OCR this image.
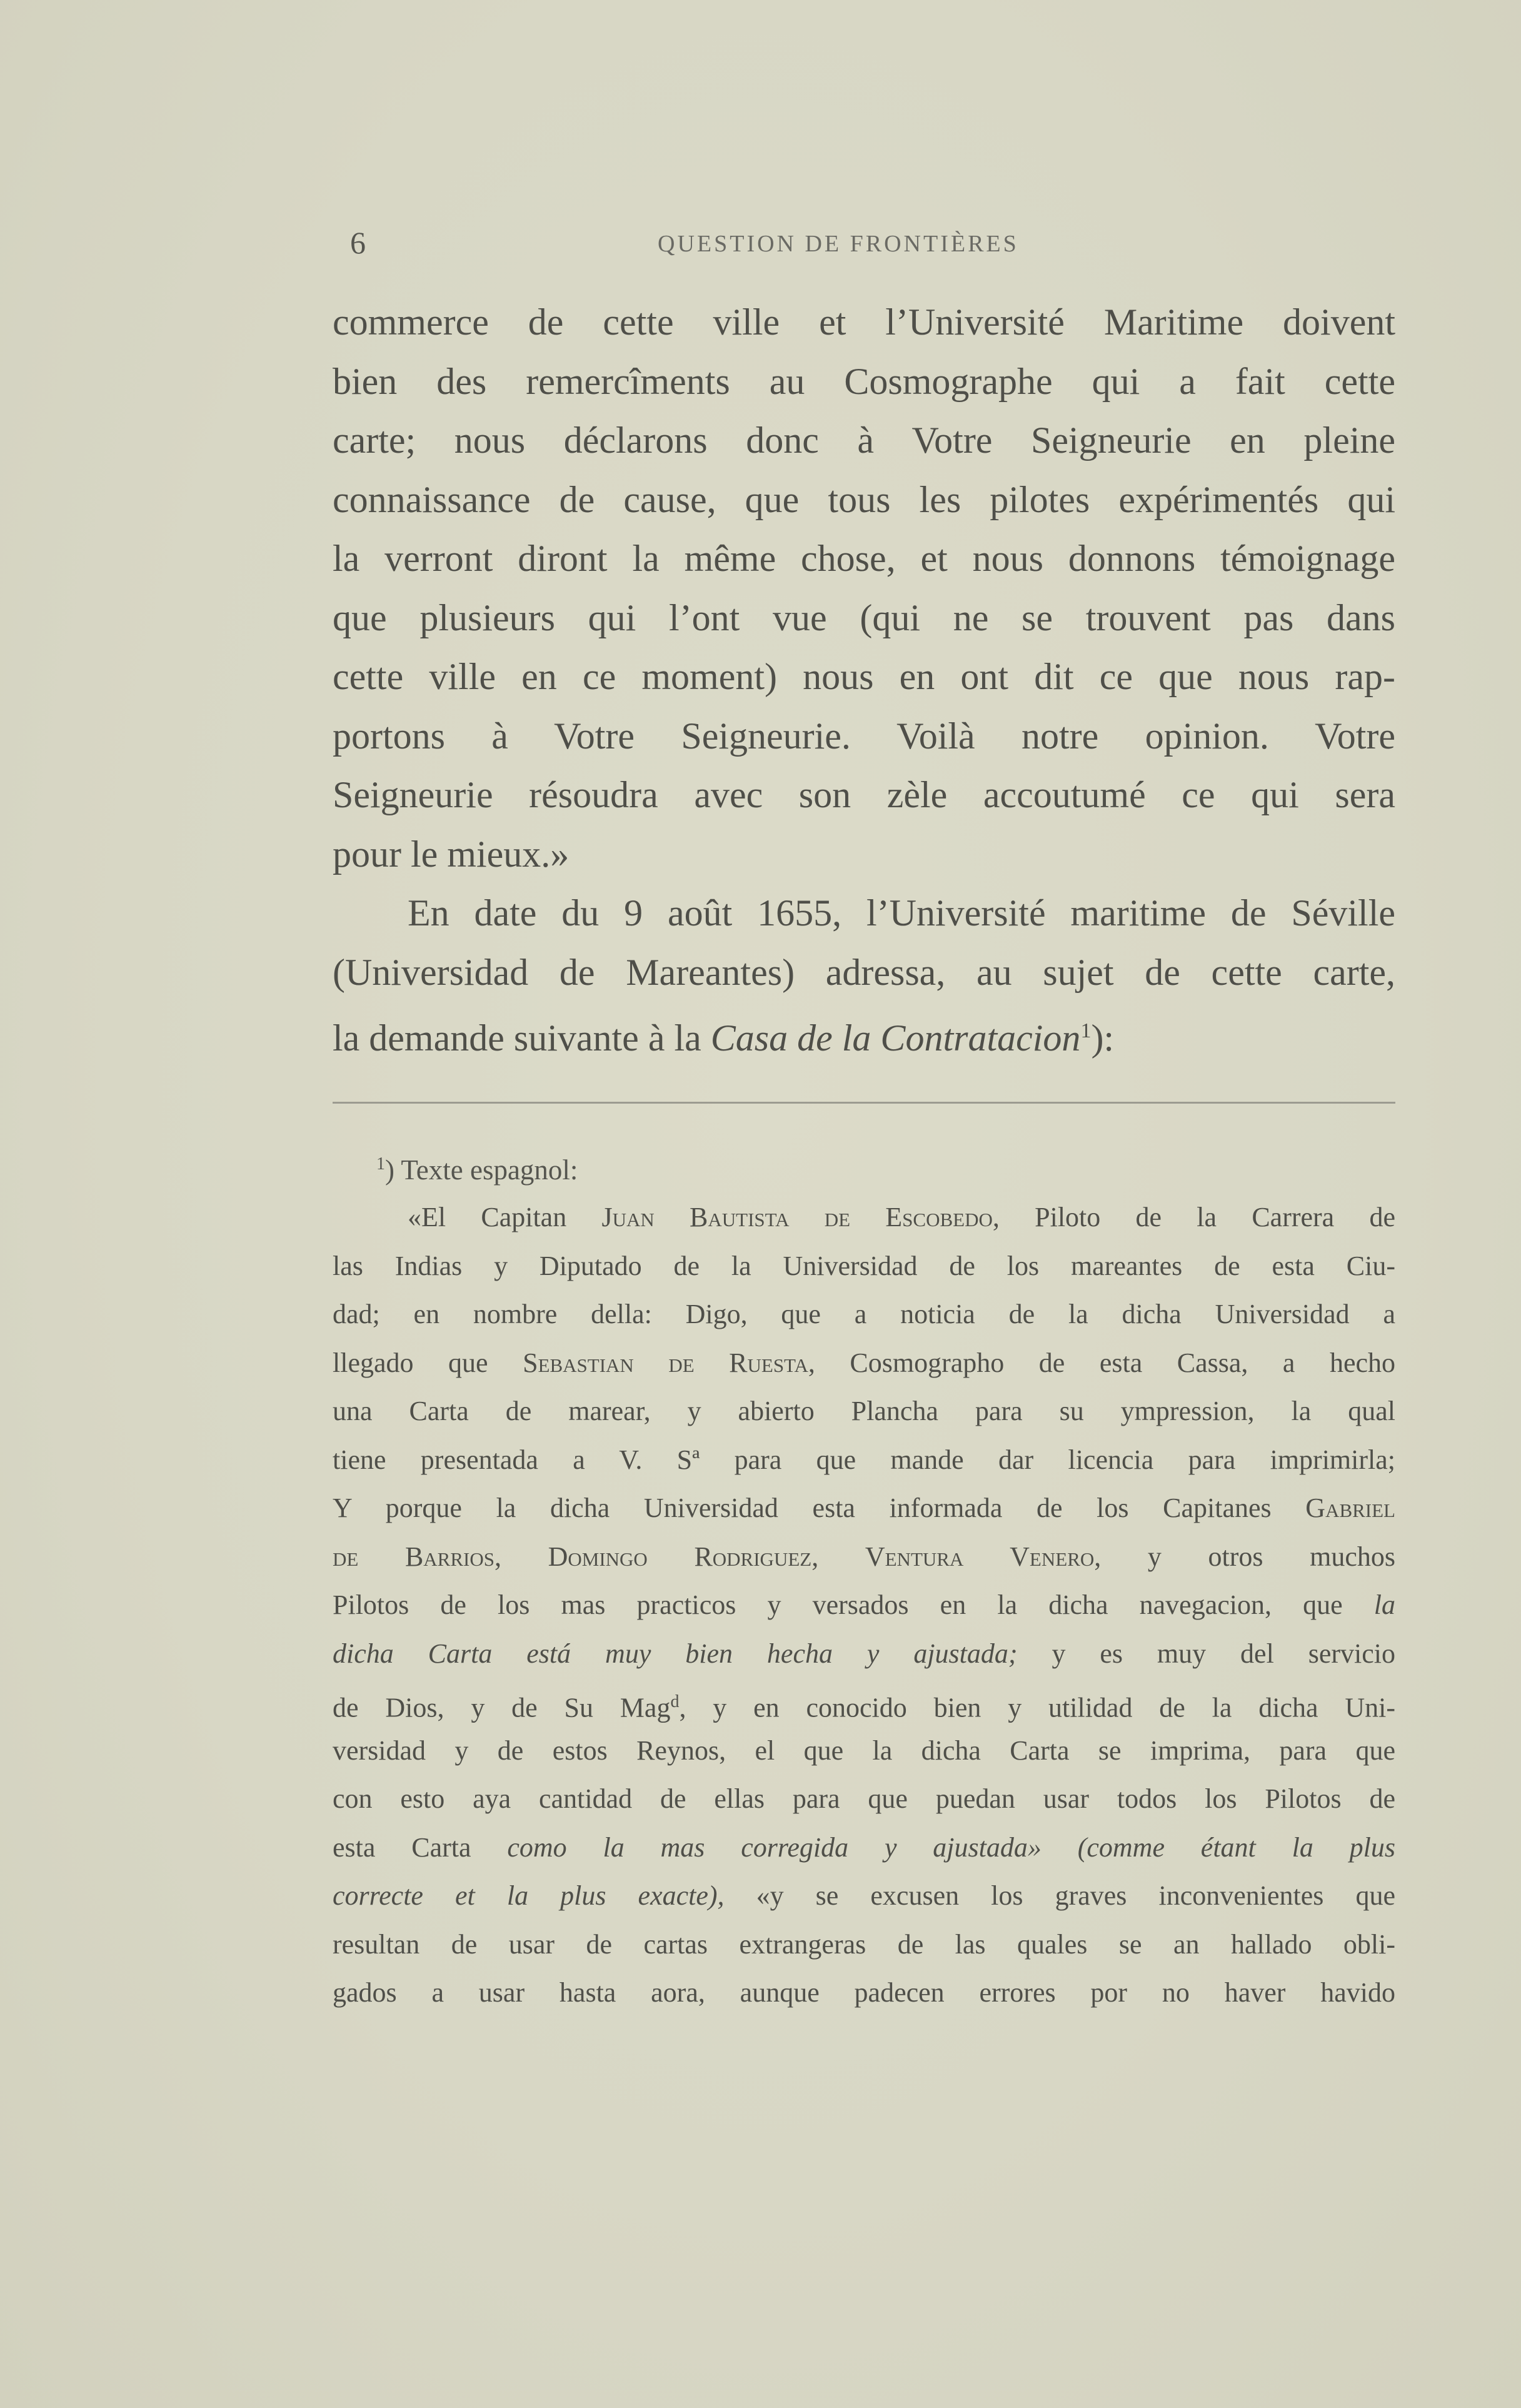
6	QUESTION DE FRONTIÈRES
commerce de cette ville et l’Université Maritime doivent
bien des remercîments au Cosmographe qui a fait cette
carte; nous déclarons donc à Votre Seigneurie en pleine
connaissance de cause, que tous les pilotes expérimentés qui
la verront diront la même chose, et nous donnons témoignage
que plusieurs qui l’ont vue (qui ne se trouvent pas dans
cette ville en ce moment) nous en ont dit ce que nous rap-
portons à Votre Seigneurie. Voilà notre opinion. Votre
Seigneurie résoudra avec son zèle accoutumé ce qui sera
pour le mieux.»
En date du 9 août 1655, l’Université maritime de Séville
(Universidad de Mareantes) adressa, au sujet de cette carte,
la demande suivante à la Casa de la Contratacion$^1$):
$^1$) Texte espagnol:
«El Capitan Juan Bautista de Escobedo, Piloto de la Carrera de
las Indias y Diputado de la Universidad de los mareantes de esta Ciu-
dad; en nombre della: Digo, que a noticia de la dicha Universidad a
llegado que Sebastian de Ruesta, Cosmographo de esta Cassa, a hecho
una Carta de marear, y abierto Plancha para su ympression, la qual
tiene presentada a V. Sª para que mande dar licencia para imprimirla;
Y porque la dicha Universidad esta informada de los Capitanes Gabriel
de Barrios, Domingo Rodriguez, Ventura Venero, y otros muchos
Pilotos de los mas practicos y versados en la dicha navegacion, que la
dicha Carta está muy bien hecha y ajustada; y es muy del servicio
de Dios, y de Su Mag$^d$, y en conocido bien y utilidad de la dicha Uni-
versidad y de estos Reynos, el que la dicha Carta se imprima, para que
con esto aya cantidad de ellas para que puedan usar todos los Pilotos de
esta Carta como la mas corregida y ajustada» (comme étant la plus
correcte et la plus exacte), «y se excusen los graves inconvenientes que
resultan de usar de cartas extrangeras de las quales se an hallado obli-
gados a usar hasta aora, aunque padecen errores por no haver havido
